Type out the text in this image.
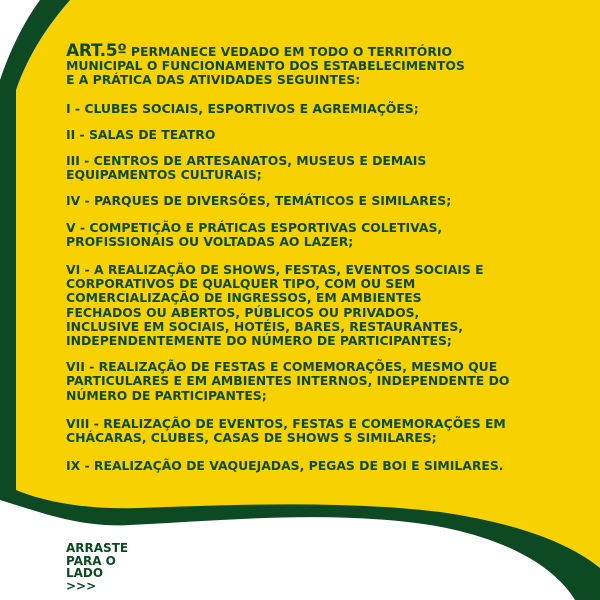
ART.5º PERMANECE VEDADO EM TODO O TERRITÓRIO
MUNICIPAL O FUNCIONAMENTO DOS ESTABELECIMENTOS
E A PRÁTICA DAS ATIVIDADES SEGUINTES:

I - CLUBES SOCIAIS, ESPORTIVOS E AGREMIAÇÕES;

II - SALAS DE TEATRO

III - CENTROS DE ARTESANATOS, MUSEUS E DEMAIS
EQUIPAMENTOS CULTURAIS;

IV - PARQUES DE DIVERSÕES, TEMÁTICOS E SIMILARES;

V - COMPETIÇÃO E PRÁTICAS ESPORTIVAS COLETIVAS,
PROFISSIONAIS OU VOLTADAS AO LAZER;

VI - A REALIZAÇÃO DE SHOWS, FESTAS, EVENTOS SOCIAIS E
CORPORATIVOS DE QUALQUER TIPO, COM OU SEM
COMERCIALIZAÇÃO DE INGRESSOS, EM AMBIENTES
FECHADOS OU ABERTOS, PÚBLICOS OU PRIVADOS,
INCLUSIVE EM SOCIAIS, HOTÉIS, BARES, RESTAURANTES,
INDEPENDENTEMENTE DO NÚMERO DE PARTICIPANTES;

VII - REALIZAÇÃO DE FESTAS E COMEMORAÇÕES, MESMO QUE
PARTICULARES E EM AMBIENTES INTERNOS, INDEPENDENTE DO
NÚMERO DE PARTICIPANTES;

VIII - REALIZAÇÃO DE EVENTOS, FESTAS E COMEMORAÇÕES EM
CHÁCARAS, CLUBES, CASAS DE SHOWS S SIMILARES;

IX - REALIZAÇÃO DE VAQUEJADAS, PEGAS DE BOI E SIMILARES.

ARRASTE
PARA O
LADO
>>>
